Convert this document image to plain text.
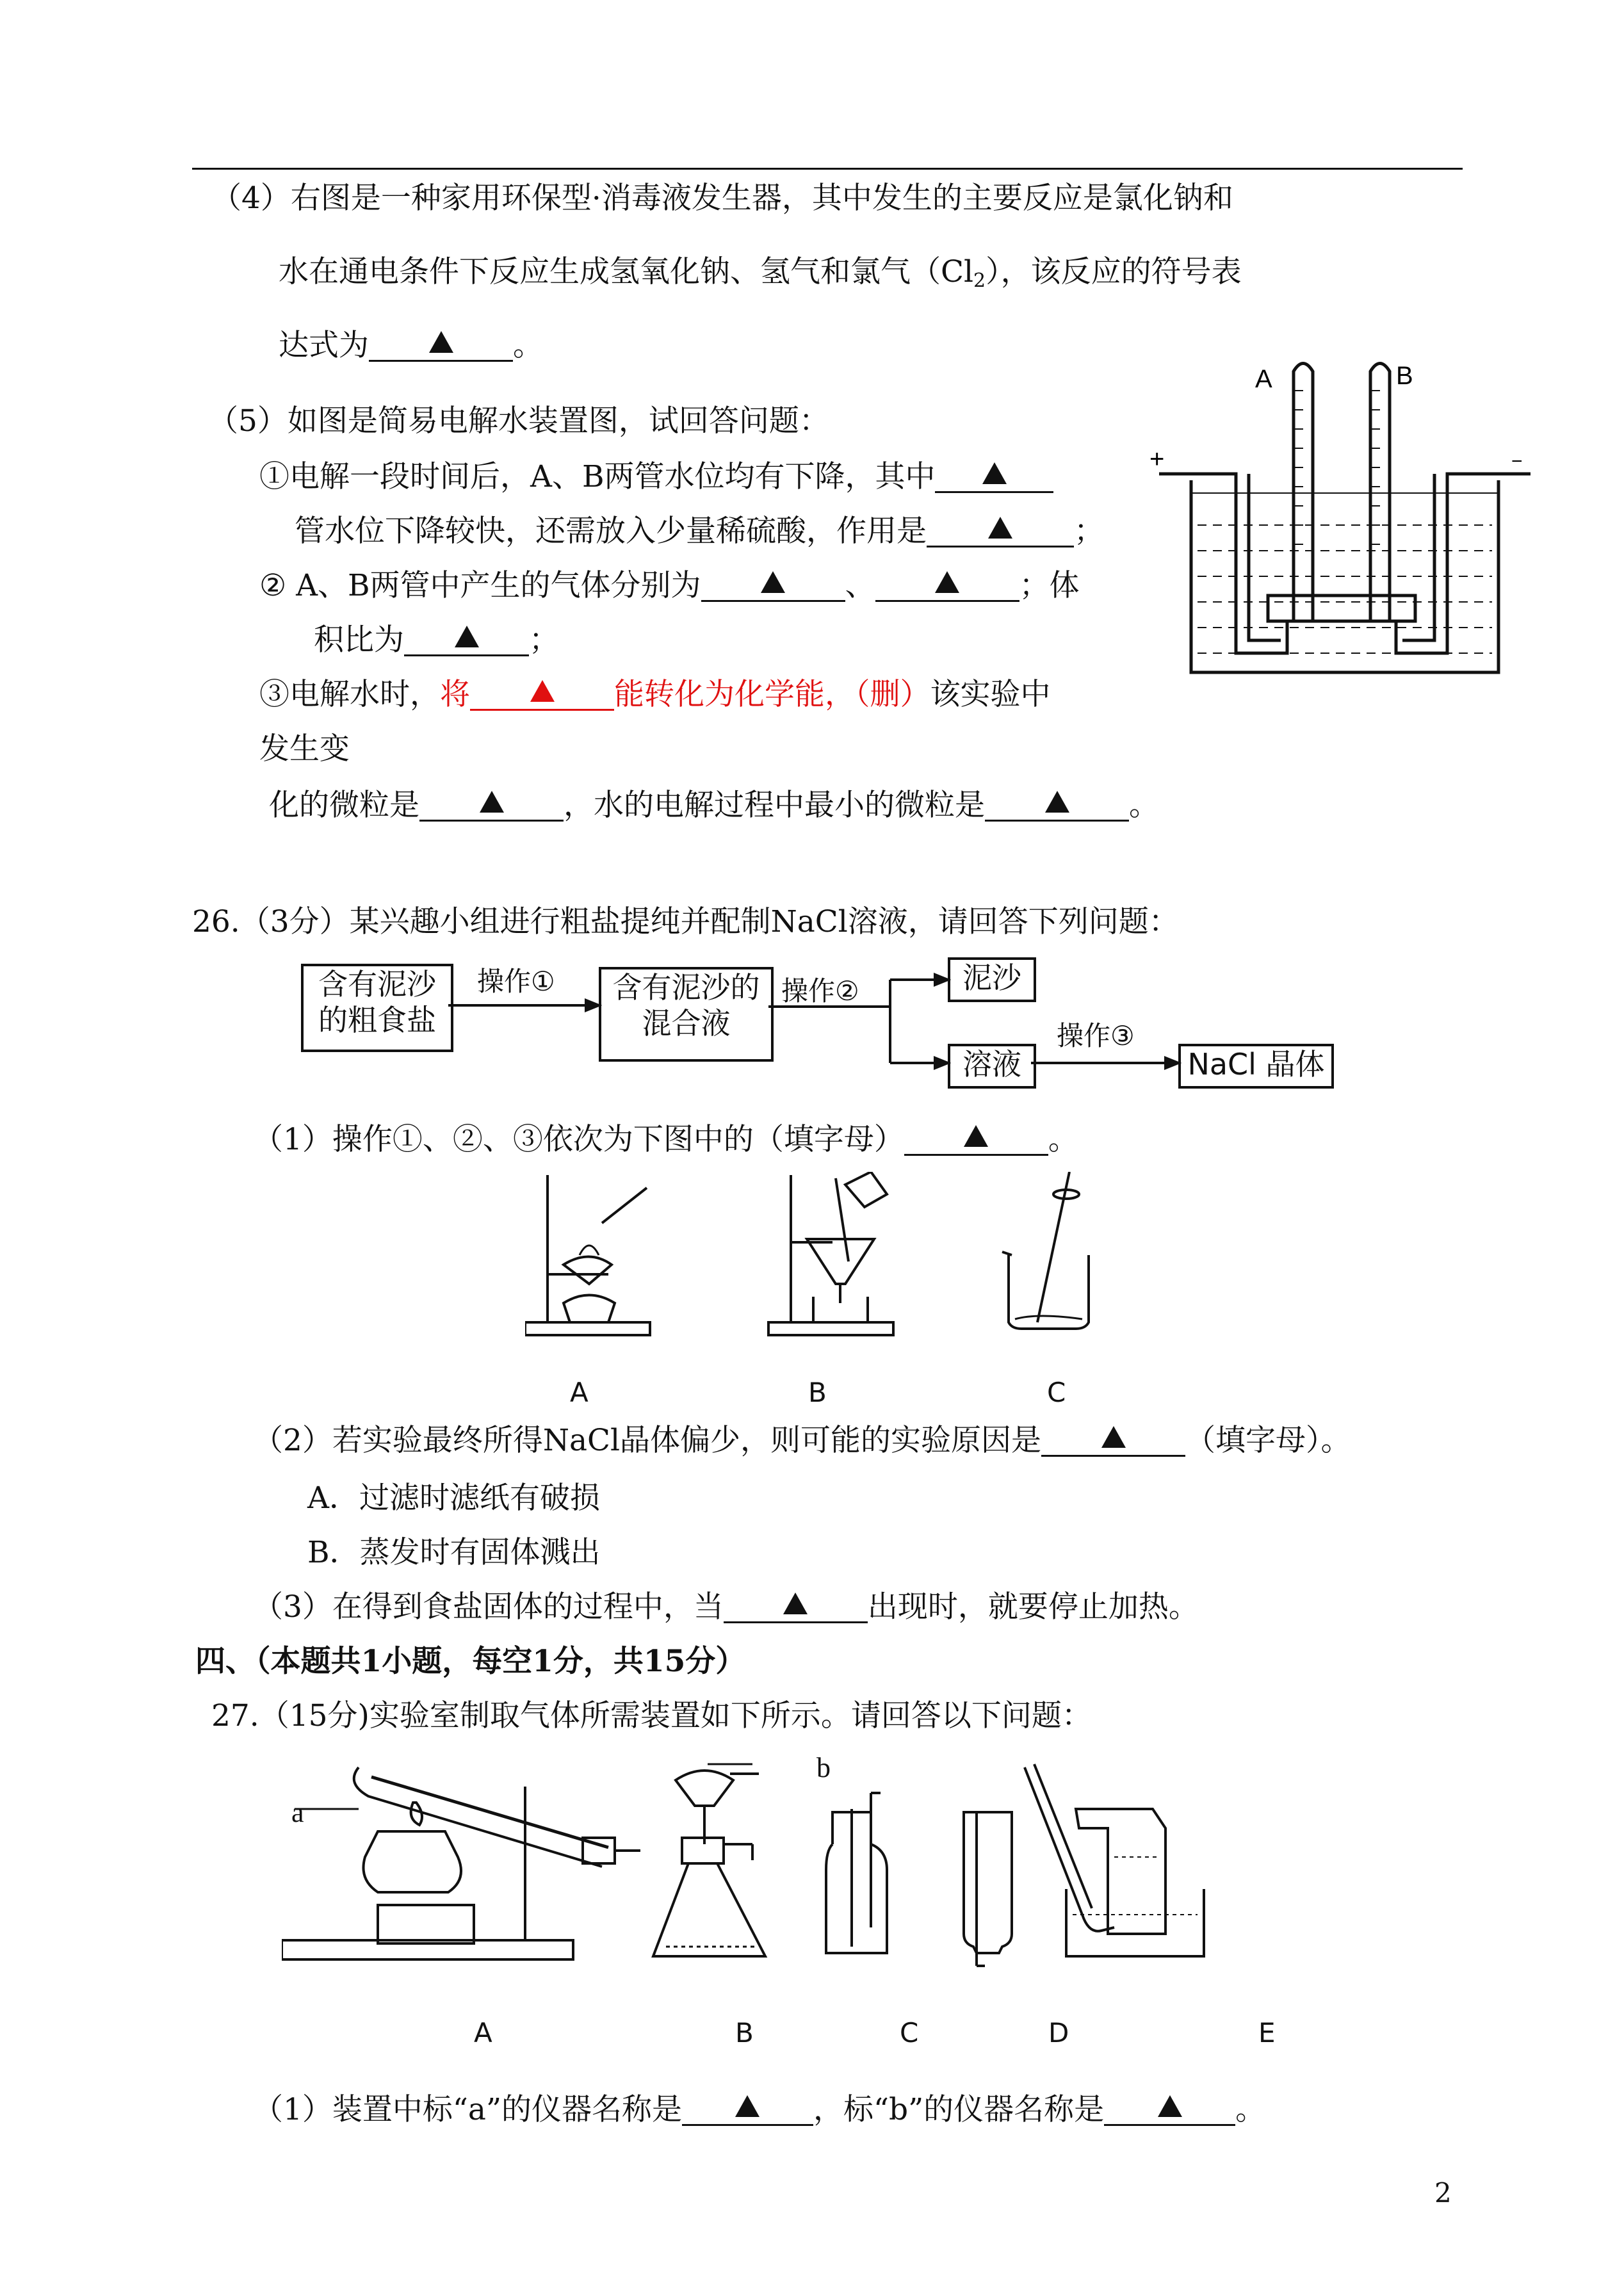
（4）右图是一种家用环保型·消毒液发生器，其中发生的主要反应是氯化钠和
水在通电条件下反应生成氢氧化钠、氢气和氯气$(Cl_2)$，该反应的符号表
达式为	。
（5）如图是简易电解水装置图，试回答问题：
①电解一段时间后，A、B两管水位均有下降，其中
管水位下降较快，还需放入少量稀硫酸，作用是	；
② A、B两管中产生的气体分别为	、	；体
积比为	；
③电解水时，将	能转化为化学能，（删）该实验中
发生变
化的微粒是	，水的电解过程中最小的微粒是	。
A	B
+	−
26.（3分）某兴趣小组进行粗盐提纯并配制NaCl溶液，请回答下列问题：
含有泥沙
的粗食盐
操作①	含有泥沙的
混合液
操作②	泥沙
溶液
操作③
NaCl 晶体
（1）操作①、②、③依次为下图中的（填字母）	。
A	B	C
（2）若实验最终所得NaCl晶体偏少，则可能的实验原因是	（填字母）。
A．过滤时滤纸有破损
B．蒸发时有固体溅出
（3）在得到食盐固体的过程中，当	出现时，就要停止加热。
四、（本题共1小题，每空1分，共15分）
27.（15分)实验室制取气体所需装置如下所示。请回答以下问题：
a
b
A	B	C	D	E
（1）装置中标“a”的仪器名称是	，标“b”的仪器名称是	。
2
